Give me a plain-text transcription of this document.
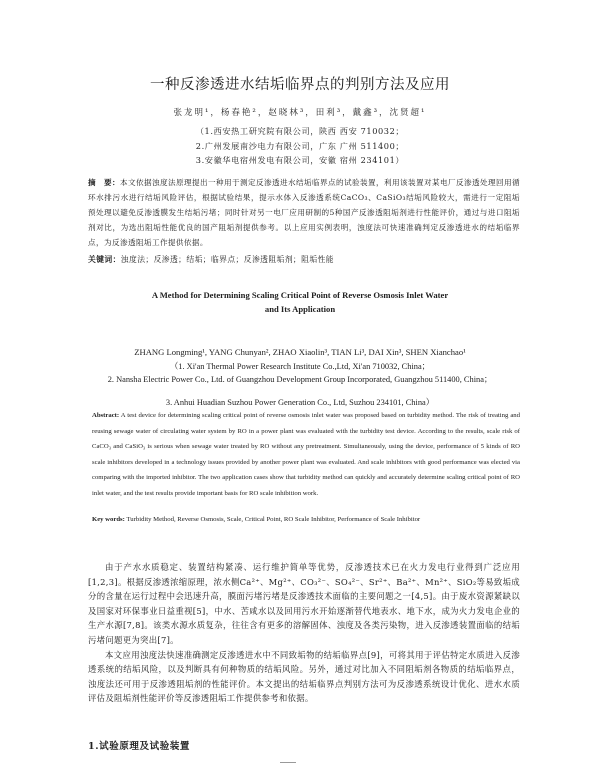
一种反渗透进水结垢临界点的判别方法及应用
张龙明¹，杨春艳²，赵晓林³，田利³，戴鑫³，沈贤超¹
（1.西安热工研究院有限公司，陕西 西安 710032；
2.广州发展南沙电力有限公司，广东 广州 511400；
3.安徽华电宿州发电有限公司，安徽 宿州 234101）
摘　要：本文依据浊度法原理提出一种用于测定反渗透进水结垢临界点的试验装置，利用该装置对某电厂反渗透处理回用循环水排污水进行结垢风险评估，根据试验结果，提示水体入反渗透系统CaCO₃、CaSiO₃结垢风险较大，需进行一定阻垢预处理以避免反渗透膜发生结垢污堵；同时针对另一电厂应用研制的5种国产反渗透阻垢剂进行性能评价，通过与进口阻垢剂对比，为选出阻垢性能优良的国产阻垢剂提供参考。以上应用实例表明，浊度法可快速准确判定反渗透进水的结垢临界点，为反渗透阻垢工作提供依据。
关键词：浊度法；反渗透；结垢；临界点；反渗透阻垢剂；阻垢性能
A Method for Determining Scaling Critical Point of Reverse Osmosis Inlet Water
and Its Application
ZHANG Longming¹, YANG Chunyan², ZHAO Xiaolin³, TIAN Li³, DAI Xin³, SHEN Xianchao¹
（1. Xi'an Thermal Power Research Institute Co.,Ltd, Xi'an 710032, China；
2. Nansha Electric Power Co., Ltd. of Guangzhou Development Group Incorporated, Guangzhou 511400, China；
3. Anhui Huadian Suzhou Power Generation Co., Ltd, Suzhou 234101, China）
Abstract: A test device for determining scaling critical point of reverse osmosis inlet water was proposed based on turbidity method. The risk of treating and reusing sewage water of circulating water system by RO in a power plant was evaluated with the turbidity test device. According to the results, scale risk of CaCO₃ and CaSiO₃ is serious when sewage water treated by RO without any pretreatment. Simultaneously, using the device, performance of 5 kinds of RO scale inhibitors developed in a technology issues provided by another power plant was evaluated. And scale inhibitors with good performance was elected via comparing with the imported inhibitor. The two application cases show that turbidity method can quickly and accurately determine scaling critical point of RO inlet water, and the test results provide important basis for RO scale inhibition work.
Key words: Turbidity Method, Reverse Osmosis, Scale, Critical Point, RO Scale Inhibitor, Performance of Scale Inhibitor

由于产水水质稳定、装置结构紧凑、运行维护简单等优势，反渗透技术已在火力发电行业得到广泛应用[1,2,3]。根据反渗透浓缩原理，浓水侧Ca²⁺、Mg²⁺、CO₃²⁻、SO₄²⁻、Sr²⁺、Ba²⁺、Mn²⁺、SiO₂等易致垢成分的含量在运行过程中会迅速升高，膜面污堵污堵是反渗透技术面临的主要问题之一[4,5]。由于废水资源紧缺以及国家对环保事业日益重视[5]，中水、苦咸水以及回用污水开始逐渐替代地表水、地下水，成为火力发电企业的生产水源[7,8]。该类水源水质复杂，往往含有更多的溶解固体、浊度及各类污染物，进入反渗透装置面临的结垢污堵问题更为突出[7]。

本文应用浊度法快速准确测定反渗透进水中不同致垢物的结垢临界点[9]，可将其用于评估特定水质进入反渗透系统的结垢风险，以及判断具有何种物质的结垢风险。另外，通过对比加入不同阻垢剂各物质的结垢临界点，浊度法还可用于反渗透阻垢剂的性能评价。本文提出的结垢临界点判别方法可为反渗透系统设计优化、进水水质评估及阻垢剂性能评价等反渗透阻垢工作提供参考和依据。

1.试验原理及试验装置
